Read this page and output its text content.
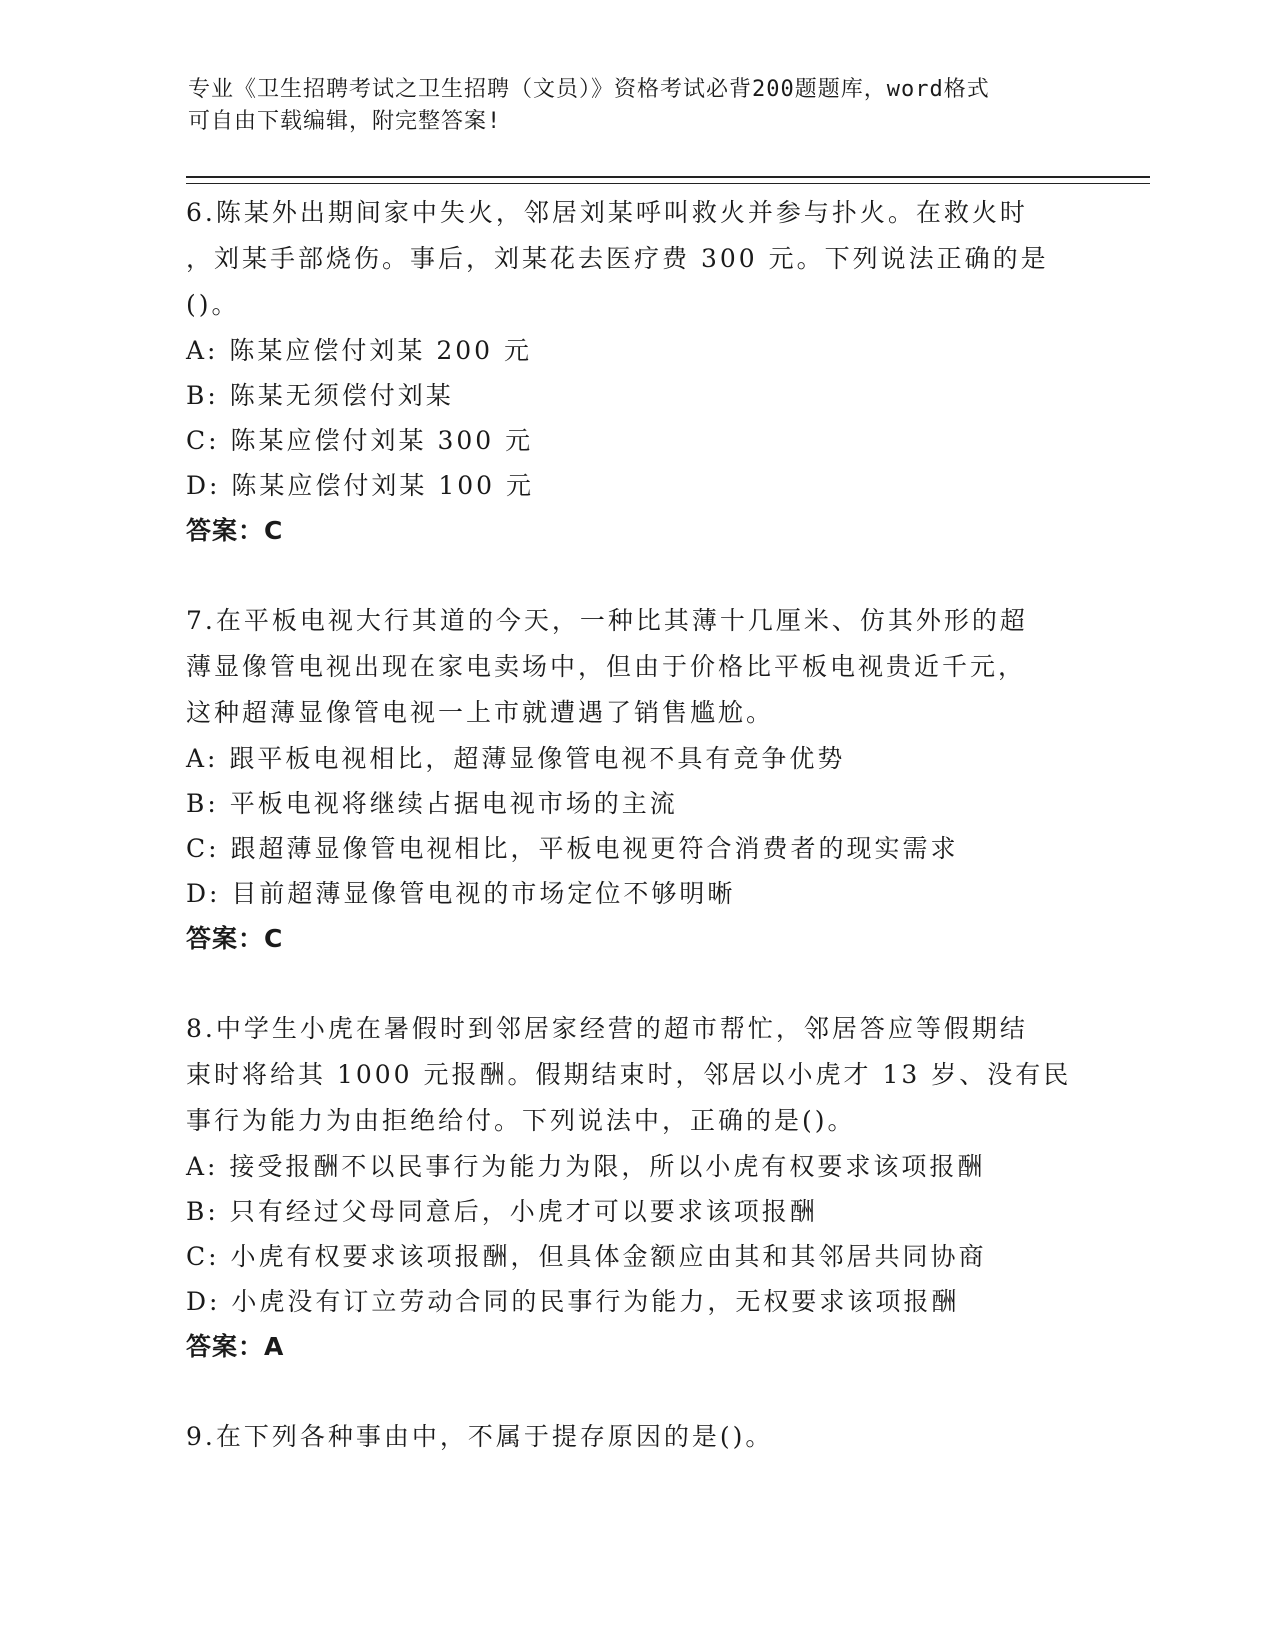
专业《卫生招聘考试之卫生招聘（文员）》资格考试必背200题题库，word格式
可自由下载编辑，附完整答案!
6.陈某外出期间家中失火，邻居刘某呼叫救火并参与扑火。在救火时
，刘某手部烧伤。事后，刘某花去医疗费 300 元。下列说法正确的是
()。
A: 陈某应偿付刘某 200 元
B: 陈某无须偿付刘某
C: 陈某应偿付刘某 300 元
D: 陈某应偿付刘某 100 元
答案：C
7.在平板电视大行其道的今天，一种比其薄十几厘米、仿其外形的超
薄显像管电视出现在家电卖场中，但由于价格比平板电视贵近千元，
这种超薄显像管电视一上市就遭遇了销售尴尬。
A: 跟平板电视相比，超薄显像管电视不具有竞争优势
B: 平板电视将继续占据电视市场的主流
C: 跟超薄显像管电视相比，平板电视更符合消费者的现实需求
D: 目前超薄显像管电视的市场定位不够明晰
答案：C
8.中学生小虎在暑假时到邻居家经营的超市帮忙，邻居答应等假期结
束时将给其 1000 元报酬。假期结束时，邻居以小虎才 13 岁、没有民
事行为能力为由拒绝给付。下列说法中，正确的是()。
A: 接受报酬不以民事行为能力为限，所以小虎有权要求该项报酬
B: 只有经过父母同意后，小虎才可以要求该项报酬
C: 小虎有权要求该项报酬，但具体金额应由其和其邻居共同协商
D: 小虎没有订立劳动合同的民事行为能力，无权要求该项报酬
答案：A
9.在下列各种事由中，不属于提存原因的是()。
